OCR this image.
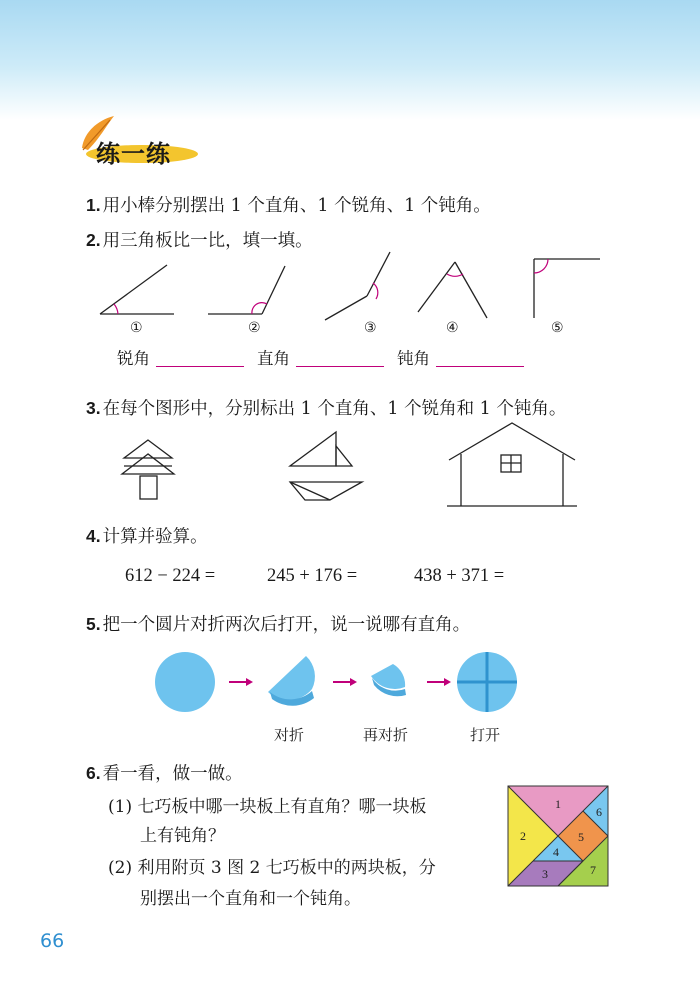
练一练
1. 用小棒分别摆出 1 个直角、1 个锐角、1 个钝角。
2. 用三角板比一比，填一填。
①	②	③	④	⑤
锐角	直角	钝角
3. 在每个图形中，分别标出 1 个直角、1 个锐角和 1 个钝角。
4. 计算并验算。
612 − 224 =	245 + 176 =	438 + 371 =
5. 把一个圆片对折两次后打开，说一说哪有直角。
对折	再对折	打开
6. 看一看，做一做。
(1) 七巧板中哪一块板上有直角？哪一块板
上有钝角？
(2) 利用附页 3 图 2 七巧板中的两块板，分
别摆出一个直角和一个钝角。
1
2
3
4
5
6
7
66
